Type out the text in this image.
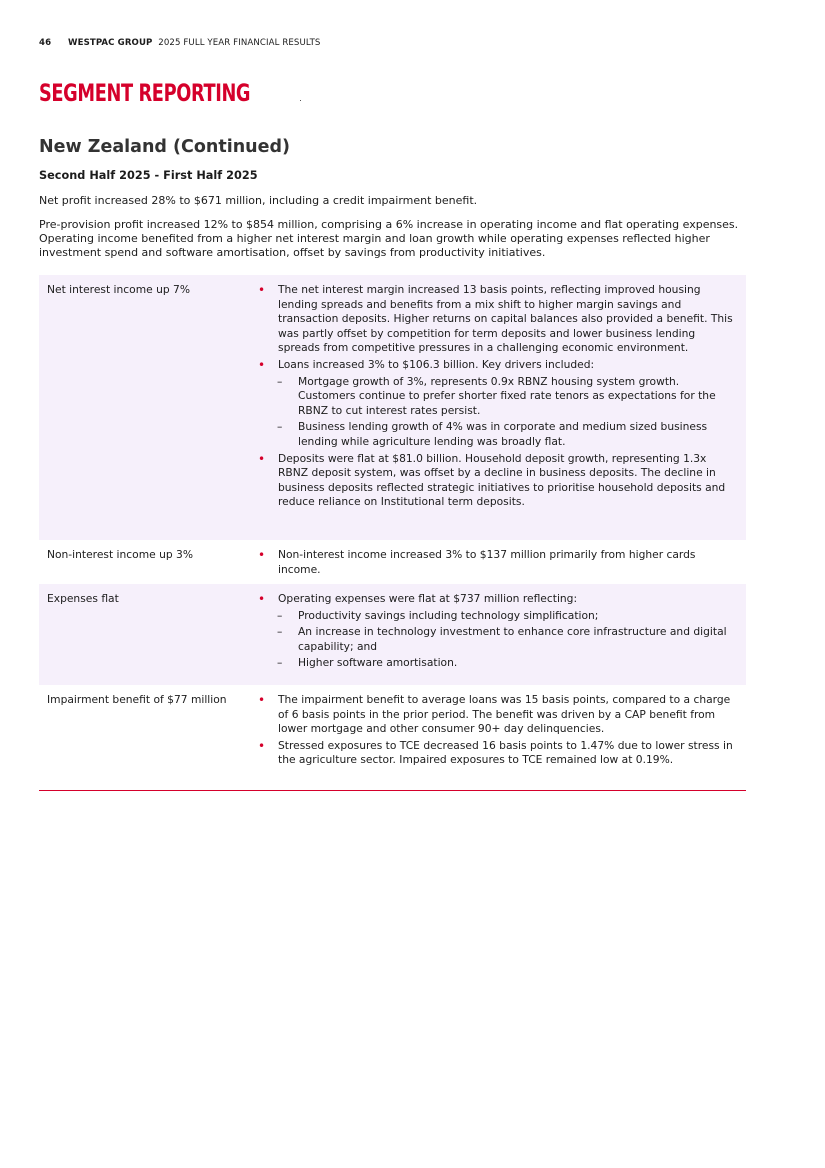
46 WESTPAC GROUP 2025 FULL YEAR FINANCIAL RESULTS
SEGMENT REPORTING
New Zealand (Continued)
Second Half 2025 - First Half 2025

Net profit increased 28% to $671 million, including a credit impairment benefit.

Pre-provision profit increased 12% to $854 million, comprising a 6% increase in operating income and flat operating expenses. Operating income benefited from a higher net interest margin and loan growth while operating expenses reflected higher investment spend and software amortisation, offset by savings from productivity initiatives.

Net interest income up 7%	• The net interest margin increased 13 basis points, reflecting improved housing lending spreads and benefits from a mix shift to higher margin savings and transaction deposits. Higher returns on capital balances also provided a benefit. This was partly offset by competition for term deposits and lower business lending spreads from competitive pressures in a challenging economic environment.
• Loans increased 3% to $106.3 billion. Key drivers included:
– Mortgage growth of 3%, represents 0.9x RBNZ housing system growth. Customers continue to prefer shorter fixed rate tenors as expectations for the RBNZ to cut interest rates persist.
– Business lending growth of 4% was in corporate and medium sized business lending while agriculture lending was broadly flat.
• Deposits were flat at $81.0 billion. Household deposit growth, representing 1.3x RBNZ deposit system, was offset by a decline in business deposits. The decline in business deposits reflected strategic initiatives to prioritise household deposits and reduce reliance on Institutional term deposits.
Non-interest income up 3%	• Non-interest income increased 3% to $137 million primarily from higher cards income.
Expenses flat	• Operating expenses were flat at $737 million reflecting:
– Productivity savings including technology simplification;
– An increase in technology investment to enhance core infrastructure and digital capability; and
– Higher software amortisation.
Impairment benefit of $77 million	• The impairment benefit to average loans was 15 basis points, compared to a charge of 6 basis points in the prior period. The benefit was driven by a CAP benefit from lower mortgage and other consumer 90+ day delinquencies.
• Stressed exposures to TCE decreased 16 basis points to 1.47% due to lower stress in the agriculture sector. Impaired exposures to TCE remained low at 0.19%.
